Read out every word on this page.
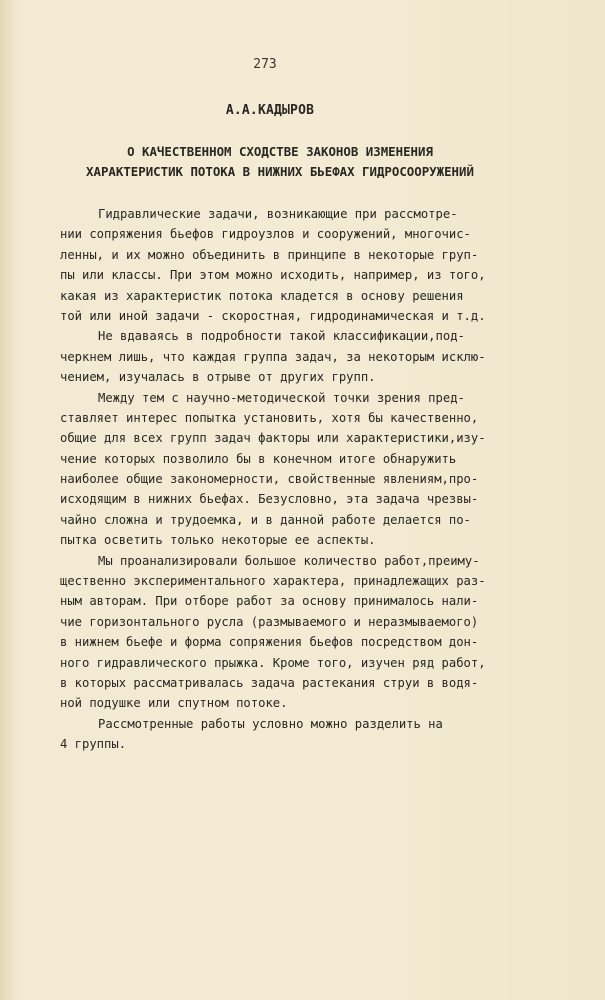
273
А.А.КАДЫРОВ
О КАЧЕСТВЕННОМ СХОДСТВЕ ЗАКОНОВ ИЗМЕНЕНИЯ
ХАРАКТЕРИСТИК ПОТОКА В НИЖНИХ БЬЕФАХ ГИДРОСООРУЖЕНИЙ
Гидравлические задачи, возникающие при рассмотре-
нии сопряжения бьефов гидроузлов и сооружений, многочис-
ленны, и их можно объединить в принципе в некоторые груп-
пы или классы. При этом можно исходить, например, из того,
какая из характеристик потока кладется в основу решения
той или иной задачи - скоростная, гидродинамическая и т.д.
Не вдаваясь в подробности такой классификации,под-
черкнем лишь, что каждая группа задач, за некоторым исклю-
чением, изучалась в отрыве от других групп.
Между тем с научно-методической точки зрения пред-
ставляет интерес попытка установить, хотя бы качественно,
общие для всех групп задач факторы или характеристики,изу-
чение которых позволило бы в конечном итоге обнаружить
наиболее общие закономерности, свойственные явлениям,про-
исходящим в нижних бьефах. Безусловно, эта задача чрезвы-
чайно сложна и трудоемка, и в данной работе делается по-
пытка осветить только некоторые ее аспекты.
Мы проанализировали большое количество работ,преиму-
щественно экспериментального характера, принадлежащих раз-
ным авторам. При отборе работ за основу принималось нали-
чие горизонтального русла (размываемого и неразмываемого)
в нижнем бьефе и форма сопряжения бьефов посредством дон-
ного гидравлического прыжка. Кроме того, изучен ряд работ,
в которых рассматривалась задача растекания струи в водя-
ной подушке или спутном потоке.
Рассмотренные работы условно можно разделить на
4 группы.
